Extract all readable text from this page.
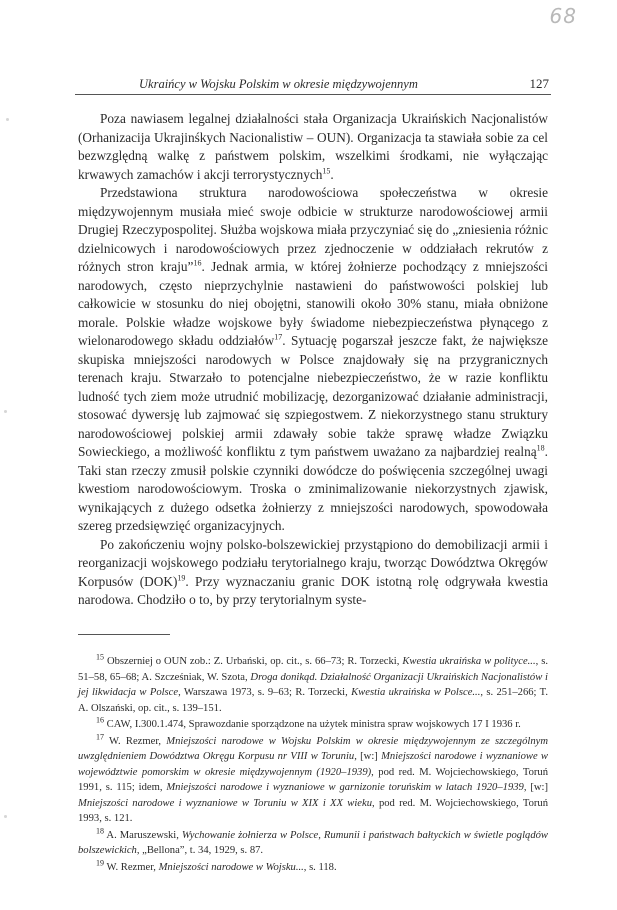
68
Ukraińcy w Wojsku Polskim w okresie międzywojennym	127

Poza nawiasem legalnej działalności stała Organizacja Ukraińskich Nacjonalistów (Orhanizacija Ukrajinśkych Nacionalistiw – OUN). Organizacja ta stawiała sobie za cel bezwzględną walkę z państwem polskim, wszelkimi środkami, nie wyłączając krwawych zamachów i akcji terrorystycznych$^{15}$.

Przedstawiona struktura narodowościowa społeczeństwa w okresie międzywojennym musiała mieć swoje odbicie w strukturze narodowościowej armii Drugiej Rzeczypospolitej. Służba wojskowa miała przyczyniać się do „zniesienia różnic dzielnicowych i narodowościowych przez zjednoczenie w oddziałach rekrutów z różnych stron kraju”$^{16}$. Jednak armia, w której żołnierze pochodzący z mniejszości narodowych, często nieprzychylnie nastawieni do państwowości polskiej lub całkowicie w stosunku do niej obojętni, stanowili około 30% stanu, miała obniżone morale. Polskie władze wojskowe były świadome niebezpieczeństwa płynącego z wielonarodowego składu oddziałów$^{17}$. Sytuację pogarszał jeszcze fakt, że największe skupiska mniejszości narodowych w Polsce znajdowały się na przygranicznych terenach kraju. Stwarzało to potencjalne niebezpieczeństwo, że w razie konfliktu ludność tych ziem może utrudnić mobilizację, dezorganizować działanie administracji, stosować dywersję lub zajmować się szpiegostwem. Z niekorzystnego stanu struktury narodowościowej polskiej armii zdawały sobie także sprawę władze Związku Sowieckiego, a możliwość konfliktu z tym państwem uważano za najbardziej realną$^{18}$. Taki stan rzeczy zmusił polskie czynniki dowódcze do poświęcenia szczególnej uwagi kwestiom narodowościowym. Troska o zminimalizowanie niekorzystnych zjawisk, wynikających z dużego odsetka żołnierzy z mniejszości narodowych, spowodowała szereg przedsięwzięć organizacyjnych.

Po zakończeniu wojny polsko-bolszewickiej przystąpiono do demobilizacji armii i reorganizacji wojskowego podziału terytorialnego kraju, tworząc Dowództwa Okręgów Korpusów (DOK)$^{19}$. Przy wyznaczaniu granic DOK istotną rolę odgrywała kwestia narodowa. Chodziło o to, by przy terytorialnym syste-

$^{15}$ Obszerniej o OUN zob.: Z. Urbański, op. cit., s. 66–73; R. Torzecki, Kwestia ukraińska w polityce..., s. 51–58, 65–68; A. Szcześniak, W. Szota, Droga donikąd. Działalność Organizacji Ukraińskich Nacjonalistów i jej likwidacja w Polsce, Warszawa 1973, s. 9–63; R. Torzecki, Kwestia ukraińska w Polsce..., s. 251–266; T. A. Olszański, op. cit., s. 139–151.

$^{16}$ CAW, I.300.1.474, Sprawozdanie sporządzone na użytek ministra spraw wojskowych 17 I 1936 r.

$^{17}$ W. Rezmer, Mniejszości narodowe w Wojsku Polskim w okresie międzywojennym ze szczególnym uwzględnieniem Dowództwa Okręgu Korpusu nr VIII w Toruniu, [w:] Mniejszości narodowe i wyznaniowe w województwie pomorskim w okresie międzywojennym (1920–1939), pod red. M. Wojciechowskiego, Toruń 1991, s. 115; idem, Mniejszości narodowe i wyznaniowe w garnizonie toruńskim w latach 1920–1939, [w:] Mniejszości narodowe i wyznaniowe w Toruniu w XIX i XX wieku, pod red. M. Wojciechowskiego, Toruń 1993, s. 121.

$^{18}$ A. Maruszewski, Wychowanie żołnierza w Polsce, Rumunii i państwach bałtyckich w świetle poglądów bolszewickich, „Bellona”, t. 34, 1929, s. 87.

$^{19}$ W. Rezmer, Mniejszości narodowe w Wojsku..., s. 118.
